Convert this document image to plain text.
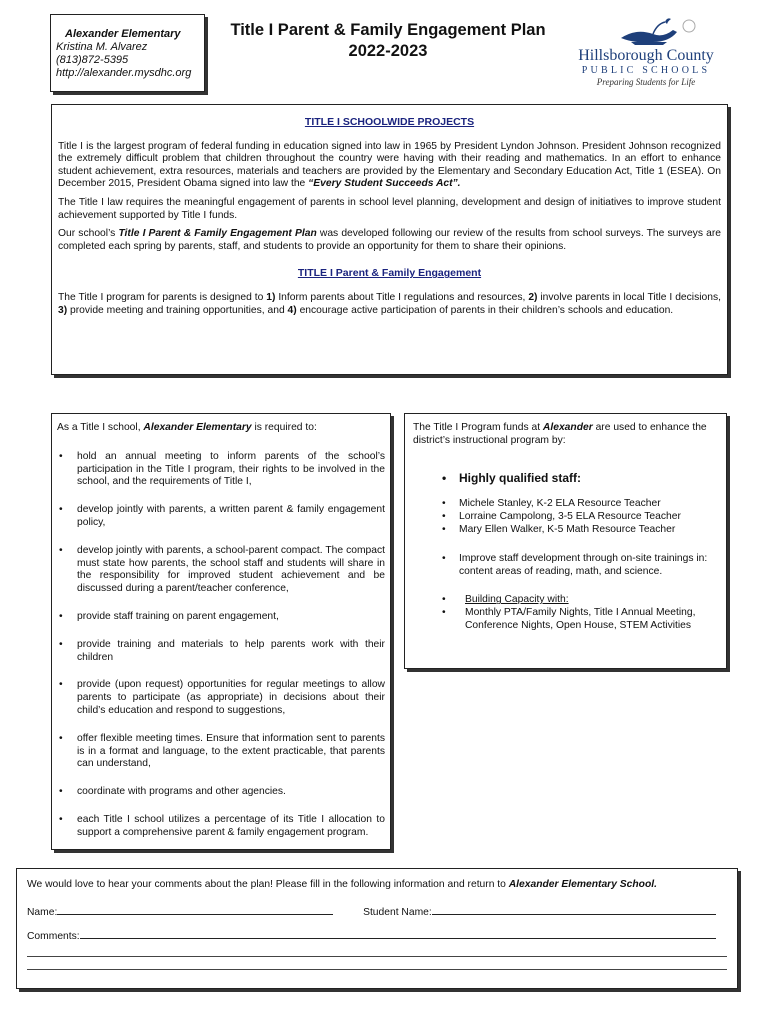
Alexander Elementary
Kristina M. Alvarez
(813)872-5395
http://alexander.mysdhc.org
Title I Parent & Family Engagement Plan
2022-2023	Hillsborough County
PUBLIC SCHOOLS
Preparing Students for Life
TITLE I SCHOOLWIDE PROJECTS

Title I is the largest program of federal funding in education signed into law in 1965 by President Lyndon Johnson. President Johnson recognized the extremely difficult problem that children throughout the country were having with their reading and mathematics. In an effort to enhance student achievement, extra resources, materials and teachers are provided by the Elementary and Secondary Education Act, Title 1 (ESEA). On December 2015, President Obama signed into law the “Every Student Succeeds Act”.

The Title I law requires the meaningful engagement of parents in school level planning, development and design of initiatives to improve student achievement supported by Title I funds.

Our school’s Title I Parent & Family Engagement Plan was developed following our review of the results from school surveys. The surveys are completed each spring by parents, staff, and students to provide an opportunity for them to share their opinions.

TITLE I Parent & Family Engagement

The Title I program for parents is designed to 1) Inform parents about Title I regulations and resources, 2) involve parents in local Title I decisions, 3) provide meeting and training opportunities, and 4) encourage active participation of parents in their children’s schools and education.

As a Title I school, Alexander Elementary is required to:
• hold an annual meeting to inform parents of the school’s participation in the Title I program, their rights to be involved in the school, and the requirements of Title I,
• develop jointly with parents, a written parent & family engagement policy,
• develop jointly with parents, a school-parent compact. The compact must state how parents, the school staff and students will share in the responsibility for improved student achievement and be discussed during a parent/teacher conference,
• provide staff training on parent engagement,
• provide training and materials to help parents work with their children
• provide (upon request) opportunities for regular meetings to allow parents to participate (as appropriate) in decisions about their child’s education and respond to suggestions,
• offer flexible meeting times. Ensure that information sent to parents is in a format and language, to the extent practicable, that parents can understand,
• coordinate with programs and other agencies.
• each Title I school utilizes a percentage of its Title I allocation to support a comprehensive parent & family engagement program.
The Title I Program funds at Alexander are used to enhance the district’s instructional program by:
• Highly qualified staff:
• Michele Stanley, K-2 ELA Resource Teacher
• Lorraine Campolong, 3-5 ELA Resource Teacher
• Mary Ellen Walker, K-5 Math Resource Teacher
• Improve staff development through on-site trainings in: content areas of reading, math, and science.
• Building Capacity with:
• Monthly PTA/Family Nights, Title I Annual Meeting, Conference Nights, Open House, STEM Activities
We would love to hear your comments about the plan! Please fill in the following information and return to Alexander Elementary School.
Name:	Student Name:
Comments:
